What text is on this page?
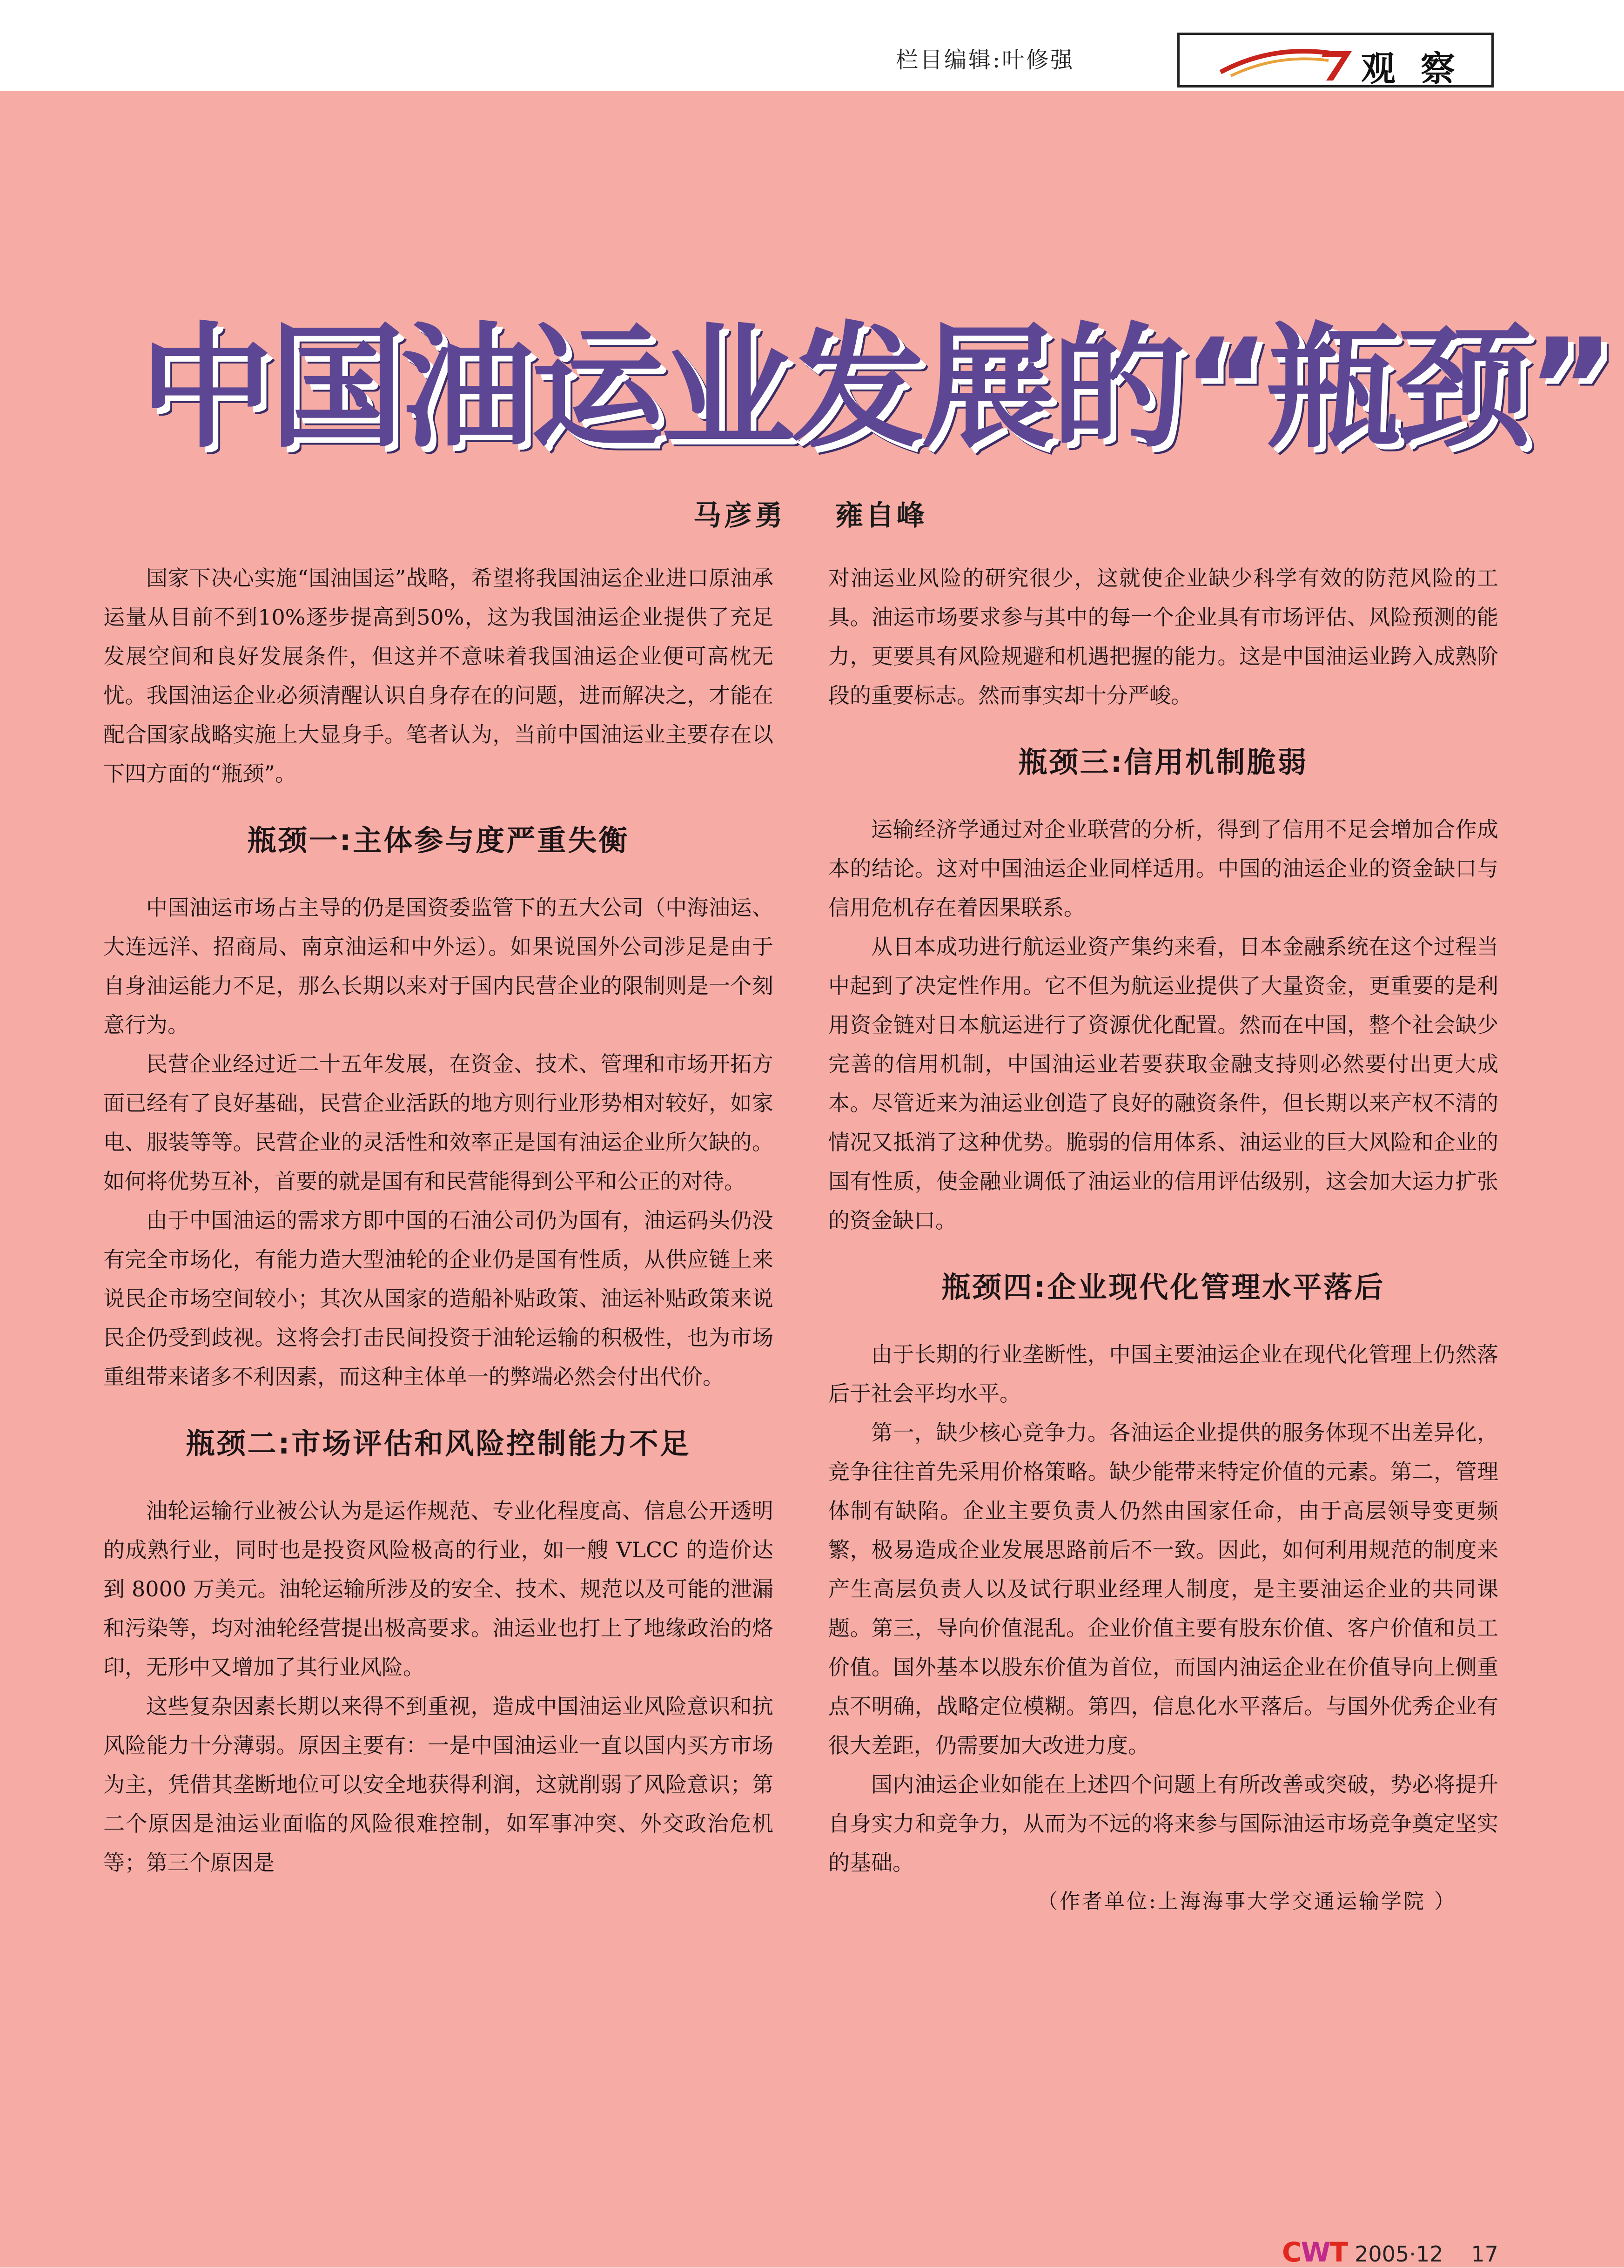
栏目编辑:叶修强	观 察
中国油运业发展的“瓶颈”
马彦勇 雍自峰

国家下决心实施“国油国运”战略，希望将我国油运企业进口原油承运量从目前不到10%逐步提高到50%，这为我国油运企业提供了充足发展空间和良好发展条件，但这并不意味着我国油运企业便可高枕无忧。我国油运企业必须清醒认识自身存在的问题，进而解决之，才能在配合国家战略实施上大显身手。笔者认为，当前中国油运业主要存在以下四方面的“瓶颈”。

瓶颈一:主体参与度严重失衡

中国油运市场占主导的仍是国资委监管下的五大公司（中海油运、大连远洋、招商局、南京油运和中外运）。如果说国外公司涉足是由于自身油运能力不足，那么长期以来对于国内民营企业的限制则是一个刻意行为。

民营企业经过近二十五年发展，在资金、技术、管理和市场开拓方面已经有了良好基础，民营企业活跃的地方则行业形势相对较好，如家电、服装等等。民营企业的灵活性和效率正是国有油运企业所欠缺的。如何将优势互补，首要的就是国有和民营能得到公平和公正的对待。

由于中国油运的需求方即中国的石油公司仍为国有，油运码头仍没有完全市场化，有能力造大型油轮的企业仍是国有性质，从供应链上来说民企市场空间较小；其次从国家的造船补贴政策、油运补贴政策来说民企仍受到歧视。这将会打击民间投资于油轮运输的积极性，也为市场重组带来诸多不利因素，而这种主体单一的弊端必然会付出代价。

瓶颈二:市场评估和风险控制能力不足

油轮运输行业被公认为是运作规范、专业化程度高、信息公开透明的成熟行业，同时也是投资风险极高的行业，如一艘 VLCC 的造价达到 8000 万美元。油轮运输所涉及的安全、技术、规范以及可能的泄漏和污染等，均对油轮经营提出极高要求。油运业也打上了地缘政治的烙印，无形中又增加了其行业风险。

这些复杂因素长期以来得不到重视，造成中国油运业风险意识和抗风险能力十分薄弱。原因主要有：一是中国油运业一直以国内买方市场为主，凭借其垄断地位可以安全地获得利润，这就削弱了风险意识；第二个原因是油运业面临的风险很难控制，如军事冲突、外交政治危机等；第三个原因是

对油运业风险的研究很少，这就使企业缺少科学有效的防范风险的工具。油运市场要求参与其中的每一个企业具有市场评估、风险预测的能力，更要具有风险规避和机遇把握的能力。这是中国油运业跨入成熟阶段的重要标志。然而事实却十分严峻。

瓶颈三:信用机制脆弱

运输经济学通过对企业联营的分析，得到了信用不足会增加合作成本的结论。这对中国油运企业同样适用。中国的油运企业的资金缺口与信用危机存在着因果联系。

从日本成功进行航运业资产集约来看，日本金融系统在这个过程当中起到了决定性作用。它不但为航运业提供了大量资金，更重要的是利用资金链对日本航运进行了资源优化配置。然而在中国，整个社会缺少完善的信用机制，中国油运业若要获取金融支持则必然要付出更大成本。尽管近来为油运业创造了良好的融资条件，但长期以来产权不清的情况又抵消了这种优势。脆弱的信用体系、油运业的巨大风险和企业的国有性质，使金融业调低了油运业的信用评估级别，这会加大运力扩张的资金缺口。

瓶颈四:企业现代化管理水平落后

由于长期的行业垄断性，中国主要油运企业在现代化管理上仍然落后于社会平均水平。

第一，缺少核心竞争力。各油运企业提供的服务体现不出差异化，竞争往往首先采用价格策略。缺少能带来特定价值的元素。第二，管理体制有缺陷。企业主要负责人仍然由国家任命，由于高层领导变更频繁，极易造成企业发展思路前后不一致。因此，如何利用规范的制度来产生高层负责人以及试行职业经理人制度，是主要油运企业的共同课题。第三，导向价值混乱。企业价值主要有股东价值、客户价值和员工价值。国外基本以股东价值为首位，而国内油运企业在价值导向上侧重点不明确，战略定位模糊。第四，信息化水平落后。与国外优秀企业有很大差距，仍需要加大改进力度。

国内油运企业如能在上述四个问题上有所改善或突破，势必将提升自身实力和竞争力，从而为不远的将来参与国际油运市场竞争奠定坚实的基础。

（作者单位:上海海事大学交通运输学院 ）

CWT 2005·12 17
